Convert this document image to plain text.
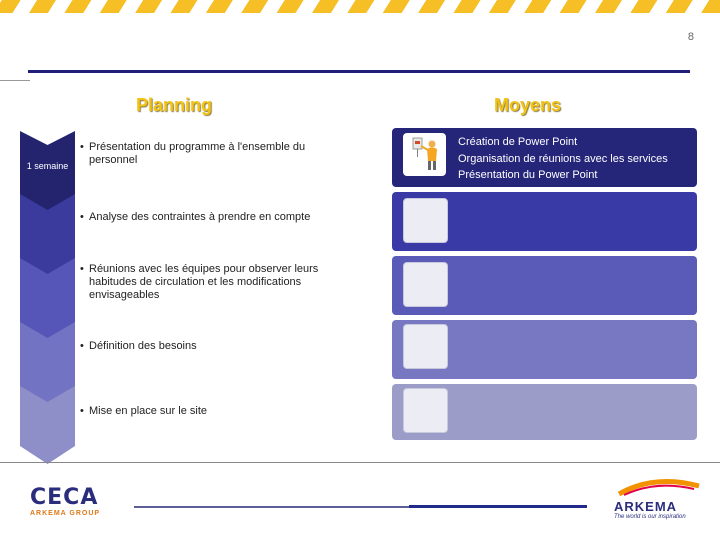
8
Planning	Moyens
1 semaine
• Présentation du programme à l'ensemble du personnel
• Analyse des contraintes à prendre en compte
• Réunions avec les équipes pour observer leurs habitudes de circulation et les modifications envisageables
• Définition des besoins
• Mise en place sur le site
Création de Power Point
Organisation de réunions avec les services
Présentation du Power Point
CECA
ARKEMA GROUP	ARKEMA
The world is our inspiration
